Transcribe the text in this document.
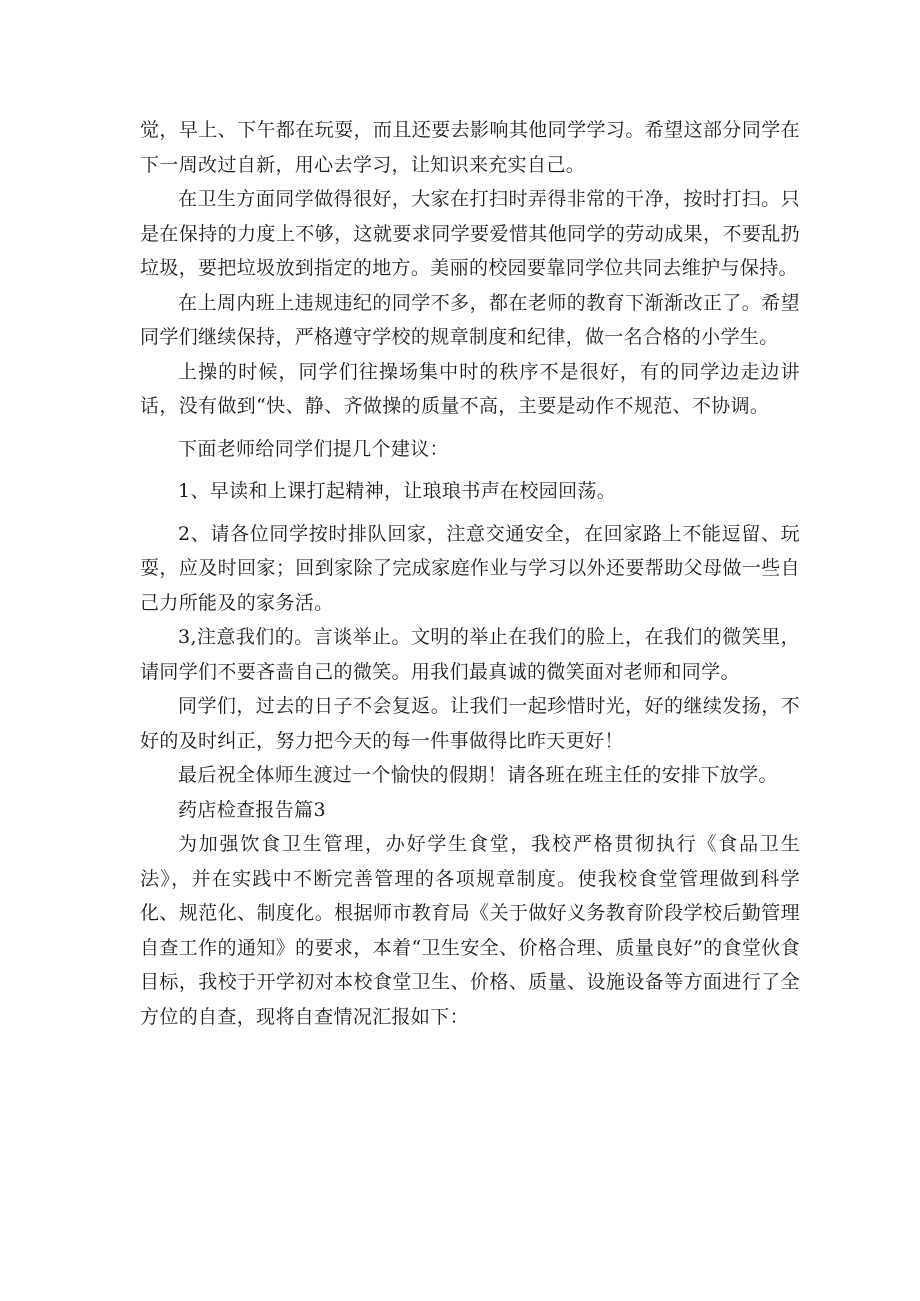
觉，早上、下午都在玩耍，而且还要去影响其他同学学习。希望这部分同学在下一周改过自新，用心去学习，让知识来充实自己。

在卫生方面同学做得很好，大家在打扫时弄得非常的干净，按时打扫。只是在保持的力度上不够，这就要求同学要爱惜其他同学的劳动成果，不要乱扔垃圾，要把垃圾放到指定的地方。美丽的校园要靠同学位共同去维护与保持。

在上周内班上违规违纪的同学不多，都在老师的教育下渐渐改正了。希望同学们继续保持，严格遵守学校的规章制度和纪律，做一名合格的小学生。

上操的时候，同学们往操场集中时的秩序不是很好，有的同学边走边讲话，没有做到“快、静、齐做操的质量不高，主要是动作不规范、不协调。

下面老师给同学们提几个建议：

1、早读和上课打起精神，让琅琅书声在校园回荡。

2、请各位同学按时排队回家，注意交通安全，在回家路上不能逗留、玩耍，应及时回家；回到家除了完成家庭作业与学习以外还要帮助父母做一些自己力所能及的家务活。

3,注意我们的。言谈举止。文明的举止在我们的脸上，在我们的微笑里，请同学们不要吝啬自己的微笑。用我们最真诚的微笑面对老师和同学。

同学们，过去的日子不会复返。让我们一起珍惜时光，好的继续发扬，不好的及时纠正，努力把今天的每一件事做得比昨天更好！

最后祝全体师生渡过一个愉快的假期！请各班在班主任的安排下放学。

药店检查报告篇3

为加强饮食卫生管理，办好学生食堂，我校严格贯彻执行《食品卫生法》，并在实践中不断完善管理的各项规章制度。使我校食堂管理做到科学化、规范化、制度化。根据师市教育局《关于做好义务教育阶段学校后勤管理自查工作的通知》的要求，本着“卫生安全、价格合理、质量良好”的食堂伙食目标，我校于开学初对本校食堂卫生、价格、质量、设施设备等方面进行了全方位的自查，现将自查情况汇报如下：
